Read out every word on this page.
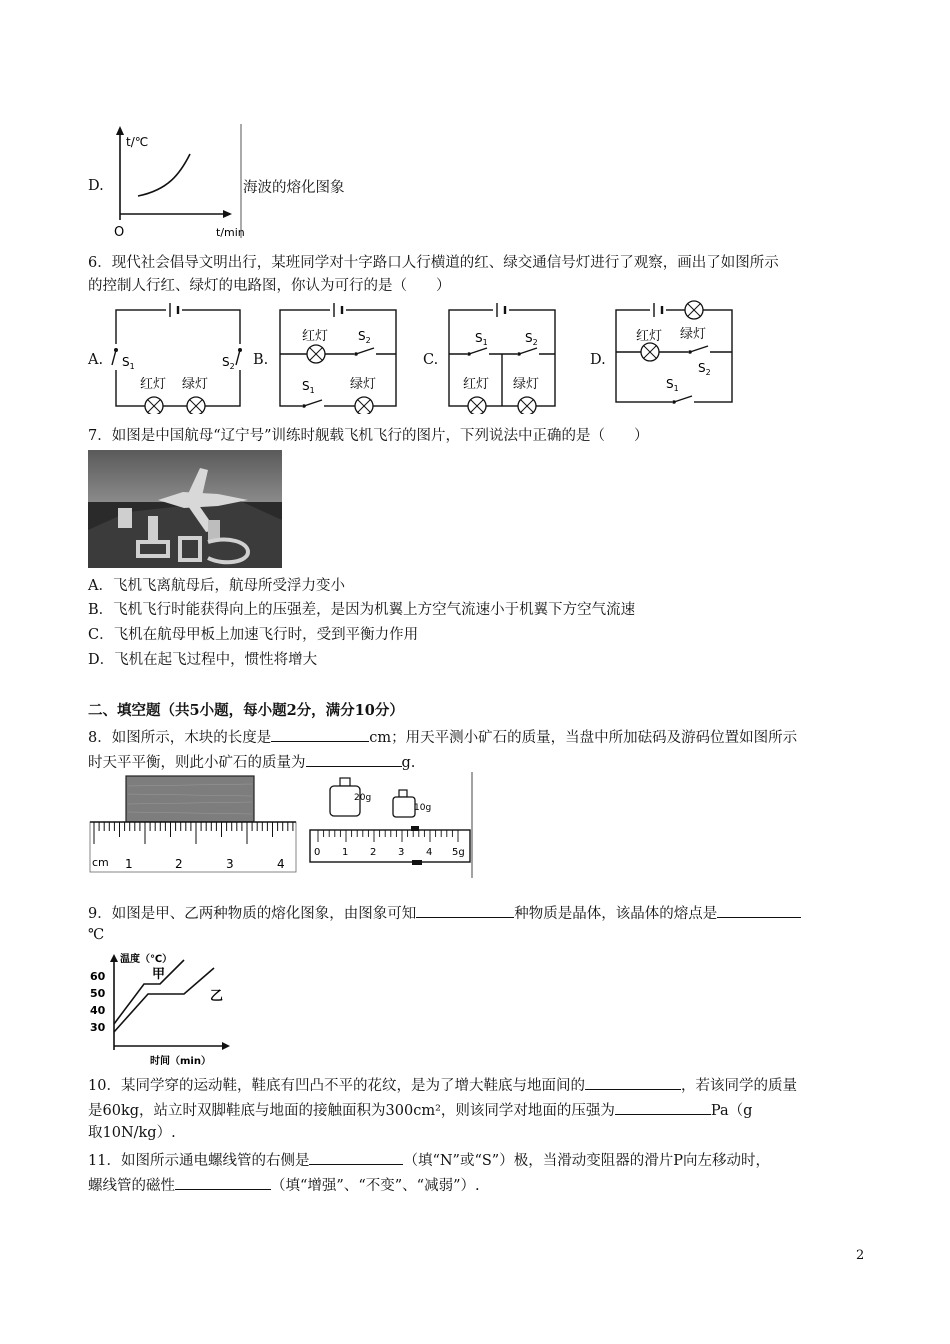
D.
t/℃
t/min
O
海波的熔化图象
6．现代社会倡导文明出行，某班同学对十字路口人行横道的红、绿交通信号灯进行了观察，画出了如图所示
的控制人行红、绿灯的电路图，你认为可行的是（　　）
A.	B.	C.	D.
$S_1$	$S_2$
红灯 绿灯
红灯 $S_2$
$S_1$	绿灯
$S_1$	$S_2$
红灯 绿灯
红灯 绿灯
$S_2$
$S_1$
7．如图是中国航母“辽宁号”训练时舰载飞机飞行的图片，下列说法中正确的是（　　）
A．飞机飞离航母后，航母所受浮力变小
B．飞机飞行时能获得向上的压强差，是因为机翼上方空气流速小于机翼下方空气流速
C．飞机在航母甲板上加速飞行时，受到平衡力作用
D．飞机在起飞过程中，惯性将增大
二、填空题（共5小题，每小题2分，满分10分）
8．如图所示，木块的长度是	cm；用天平测小矿石的质量，当盘中所加砝码及游码位置如图所示
时天平平衡，则此小矿石的质量为	g.
cm 1	2	3	4
20g
10g
0 1 2 3 4 5g
9．如图是甲、乙两种物质的熔化图象，由图象可知	种物质是晶体，该晶体的熔点是
℃
温度（℃）
时间（min）
60
50
40
30
甲
乙
10．某同学穿的运动鞋，鞋底有凹凸不平的花纹，是为了增大鞋底与地面间的	，若该同学的质量
是60kg，站立时双脚鞋底与地面的接触面积为300cm²，则该同学对地面的压强为	Pa（g
取10N/kg）.
11．如图所示通电螺线管的右侧是	（填“N”或“S”）极，当滑动变阻器的滑片P向左移动时，
螺线管的磁性	（填“增强”、“不变”、“减弱”）.
2
